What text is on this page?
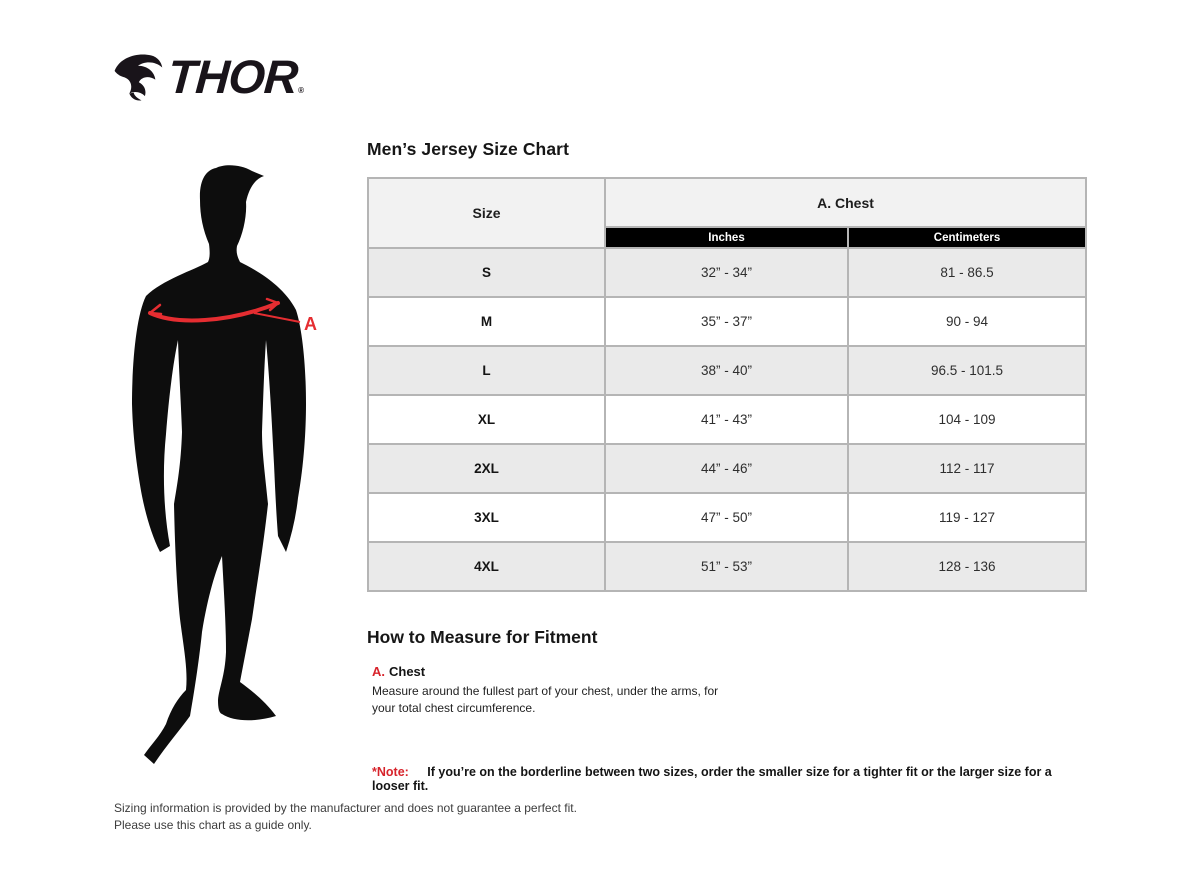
THOR ®
A
Men’s Jersey Size Chart
Size	A. Chest	
	Inches	Centimeters
S	32” - 34”	81 - 86.5
M	35” - 37”	90 - 94
L	38” - 40”	96.5 - 101.5
XL	41” - 43”	104 - 109
2XL	44” - 46”	112 - 117
3XL	47” - 50”	119 - 127
4XL	51” - 53”	128 - 136
How to Measure for Fitment
A. Chest

Measure around the fullest part of your chest, under the arms, for your total chest circumference.

*Note: If you’re on the borderline between two sizes, order the smaller size for a tighter fit or the larger size for a looser fit.
Sizing information is provided by the manufacturer and does not guarantee a perfect fit.
Please use this chart as a guide only.
